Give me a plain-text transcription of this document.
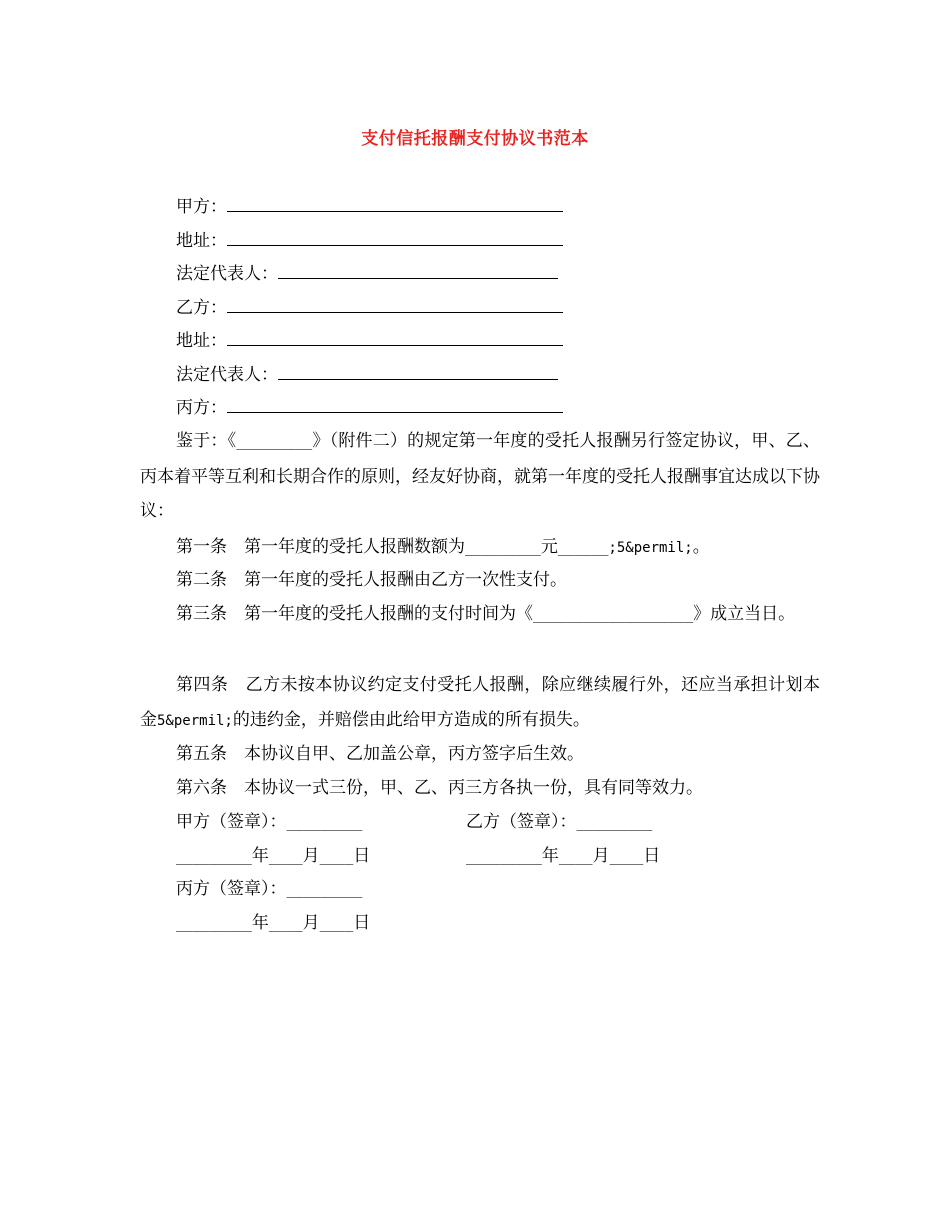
支付信托报酬支付协议书范本
甲方：
地址：
法定代表人：
乙方：
地址：
法定代表人：
丙方：
鉴于：《_________》（附件二）的规定第一年度的受托人报酬另行签定协议，甲、乙、丙本着平等互利和长期合作的原则，经友好协商，就第一年度的受托人报酬事宜达成以下协议：
第一条　第一年度的受托人报酬数额为_________元______;5&permil;。
第二条　第一年度的受托人报酬由乙方一次性支付。
第三条　第一年度的受托人报酬的支付时间为《___________________》成立当日。
第四条　乙方未按本协议约定支付受托人报酬，除应继续履行外，还应当承担计划本金5&permil;的违约金，并赔偿由此给甲方造成的所有损失。
第五条　本协议自甲、乙加盖公章，丙方签字后生效。
第六条　本协议一式三份，甲、乙、丙三方各执一份，具有同等效力。
甲方（签章）：_________	乙方（签章）：_________
_________年____月____日	_________年____月____日
丙方（签章）：_________
_________年____月____日
